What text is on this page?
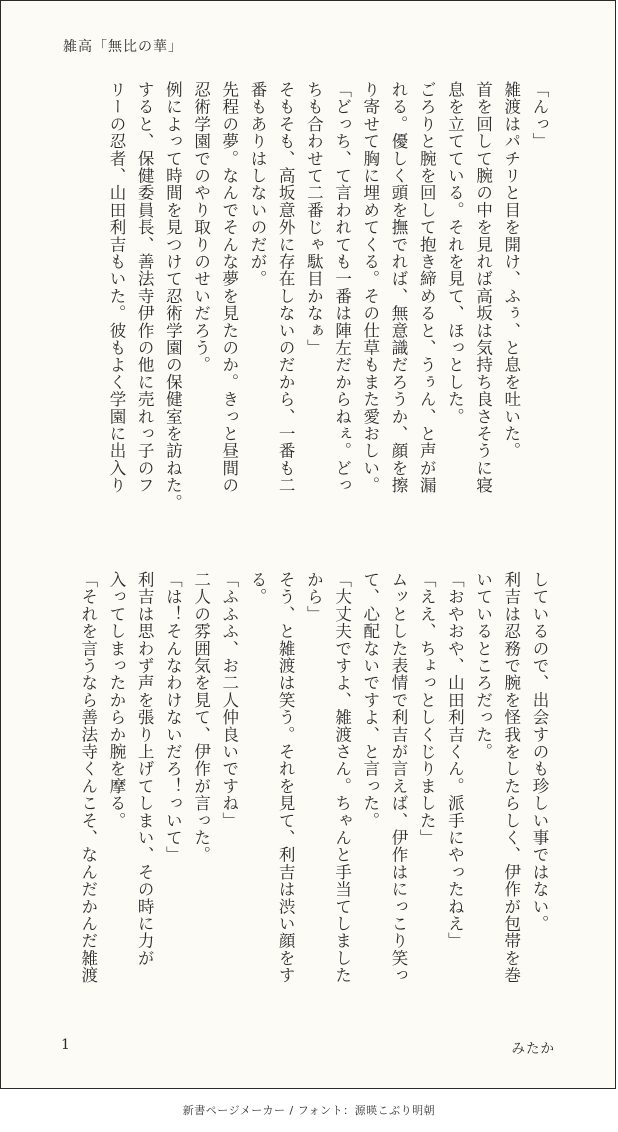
雑高「無比の華」

「んっ」

雑渡はパチリと目を開け、ふぅ、と息を吐いた。

首を回して腕の中を見れば高坂は気持ち良さそうに寝

息を立てている。それを見て、ほっとした。

ごろりと腕を回して抱き締めると、うぅん、と声が漏

れる。優しく頭を撫でれば、無意識だろうか、顔を擦

り寄せて胸に埋めてくる。その仕草もまた愛おしい。

「どっち、て言われても一番は陣左だからねぇ。どっ

ちも合わせて二番じゃ駄目かなぁ」

そもそも、高坂意外に存在しないのだから、一番も二

番もありはしないのだが。

先程の夢。なんでそんな夢を見たのか。きっと昼間の

忍術学園でのやり取りのせいだろう。

例によって時間を見つけて忍術学園の保健室を訪ねた。

すると、保健委員長、善法寺伊作の他に売れっ子のフ

リーの忍者、山田利吉もいた。彼もよく学園に出入り

しているので、出会すのも珍しい事ではない。

利吉は忍務で腕を怪我をしたらしく、伊作が包帯を巻

いているところだった。

「おやおや、山田利吉くん。派手にやったねえ」

「ええ、ちょっとしくじりました」

ムッとした表情で利吉が言えば、伊作はにっこり笑っ

て、心配ないですよ、と言った。

「大丈夫ですよ、雑渡さん。ちゃんと手当てしました

から」

そう、と雑渡は笑う。それを見て、利吉は渋い顔をす

る。

「ふふふ、お二人仲良いですね」

二人の雰囲気を見て、伊作が言った。

「は！そんなわけないだろ！っいて」

利吉は思わず声を張り上げてしまい、その時に力が

入ってしまったからか腕を摩る。

「それを言うなら善法寺くんこそ、なんだかんだ雑渡

1	みたか
新書ページメーカー / フォント：源暎こぶり明朝
